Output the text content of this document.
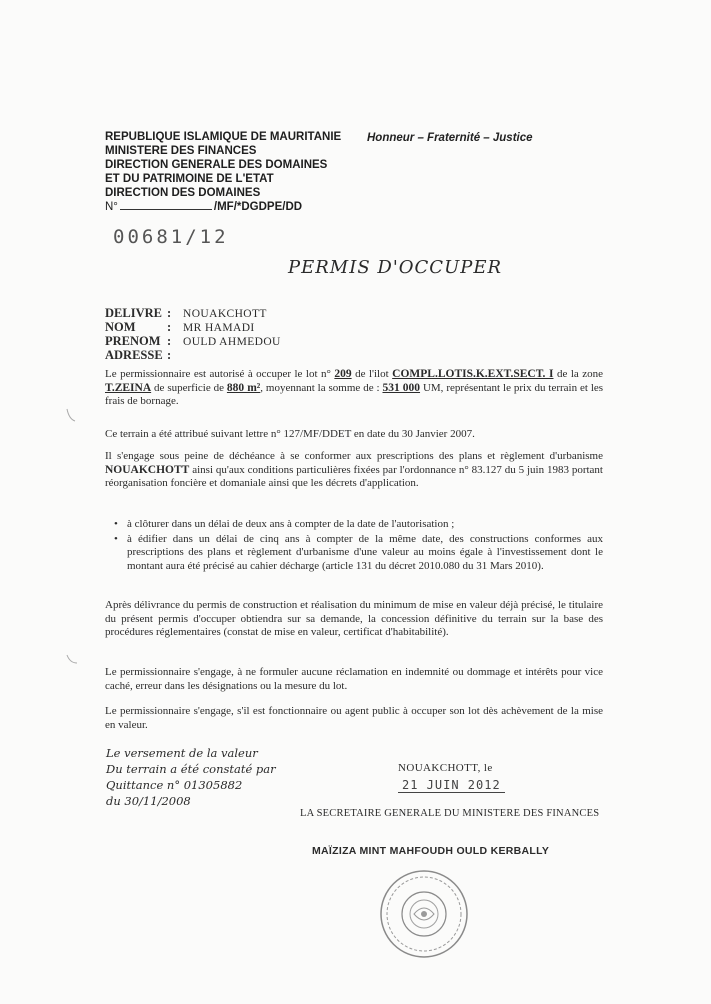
REPUBLIQUE ISLAMIQUE DE MAURITANIE
MINISTERE DES FINANCES
DIRECTION GENERALE DES DOMAINES
ET DU PATRIMOINE DE L'ETAT
DIRECTION DES DOMAINES
N°	/MF/*DGDPE/DD
Honneur – Fraternité – Justice
00681/12
PERMIS D'OCCUPER
DELIVRE : NOUAKCHOTT
NOM	: MR HAMADI
PRENOM : OULD AHMEDOU
ADRESSE :
Le permissionnaire est autorisé à occuper le lot n° 209 de l'ilot COMPL.LOTIS.K.EXT.SECT. I de la zone T.ZEINA de superficie de 880 m², moyennant la somme de : 531 000 UM, représentant le prix du terrain et les frais de bornage.
Ce terrain a été attribué suivant lettre n° 127/MF/DDET en date du 30 Janvier 2007.
Il s'engage sous peine de déchéance à se conformer aux prescriptions des plans et règlement d'urbanisme NOUAKCHOTT ainsi qu'aux conditions particulières fixées par l'ordonnance n° 83.127 du 5 juin 1983 portant réorganisation foncière et domaniale ainsi que les décrets d'application.
• à clôturer dans un délai de deux ans à compter de la date de l'autorisation ;
• à édifier dans un délai de cinq ans à compter de la même date, des constructions conformes aux prescriptions des plans et règlement d'urbanisme d'une valeur au moins égale à l'investissement dont le montant aura été précisé au cahier décharge (article 131 du décret 2010.080 du 31 Mars 2010).
Après délivrance du permis de construction et réalisation du minimum de mise en valeur déjà précisé, le titulaire du présent permis d'occuper obtiendra sur sa demande, la concession définitive du terrain sur la base des procédures réglementaires (constat de mise en valeur, certificat d'habitabilité).
Le permissionnaire s'engage, à ne formuler aucune réclamation en indemnité ou dommage et intérêts pour vice caché, erreur dans les désignations ou la mesure du lot.
Le permissionnaire s'engage, s'il est fonctionnaire ou agent public à occuper son lot dès achèvement de la mise en valeur.
Le versement de la valeur
Du terrain a été constaté par
Quittance n° 01305882
du 30/11/2008
NOUAKCHOTT, le 21 JUIN 2012
LA SECRETAIRE GENERALE DU MINISTERE DES FINANCES
MAÏZIZA MINT MAHFOUDH OULD KERBALLY
